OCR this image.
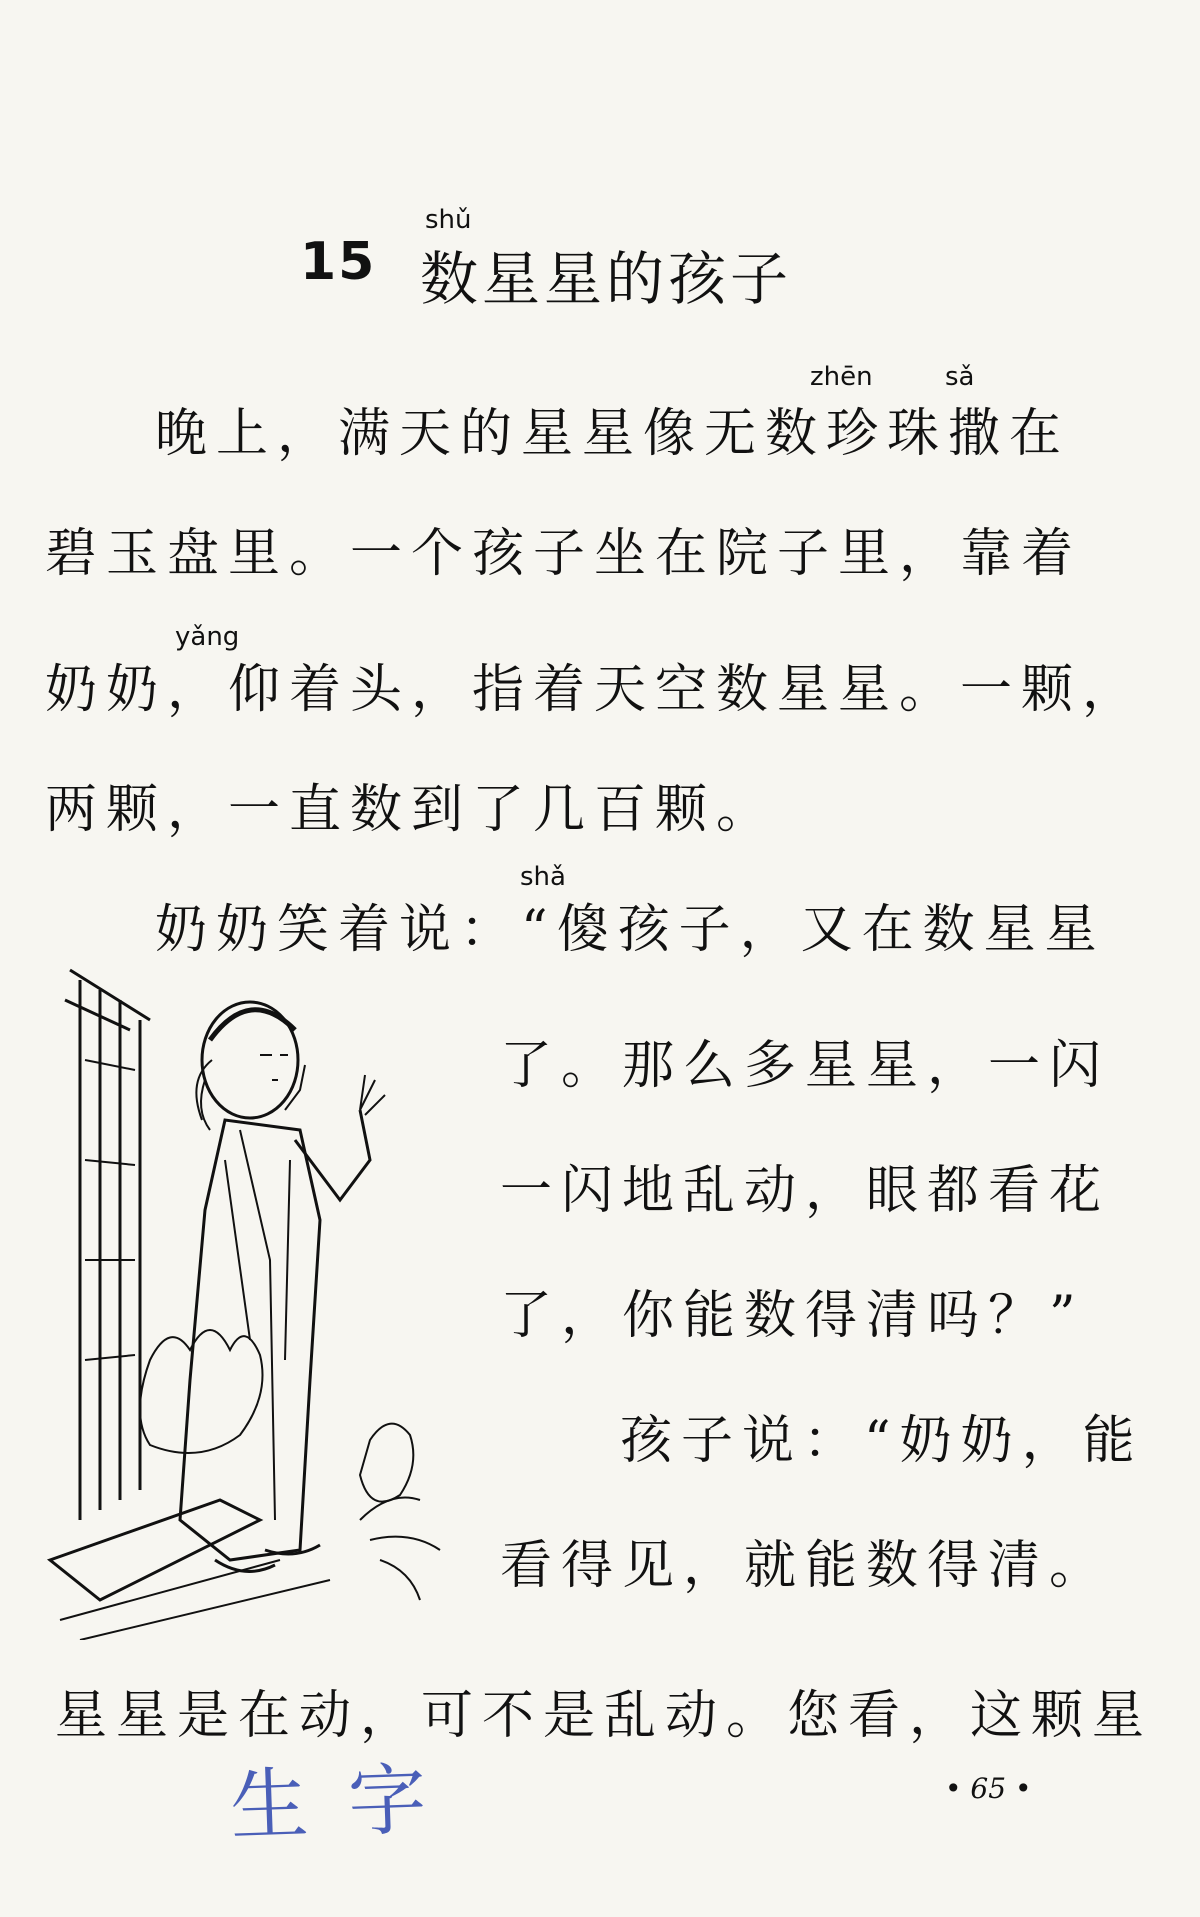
shǔ
15 数星星的孩子
zhēn	sǎ
晚上，满天的星星像无数珍珠撒在
碧玉盘里。一个孩子坐在院子里，靠着
yǎng
奶奶，仰着头，指着天空数星星。一颗，
两颗，一直数到了几百颗。
shǎ
奶奶笑着说：“傻孩子，又在数星星
了。那么多星星，一闪
一闪地乱动，眼都看花
了，你能数得清吗？”
孩子说：“奶奶，能
看得见，就能数得清。
星星是在动，可不是乱动。您看，这颗星
• 65 •
生字
